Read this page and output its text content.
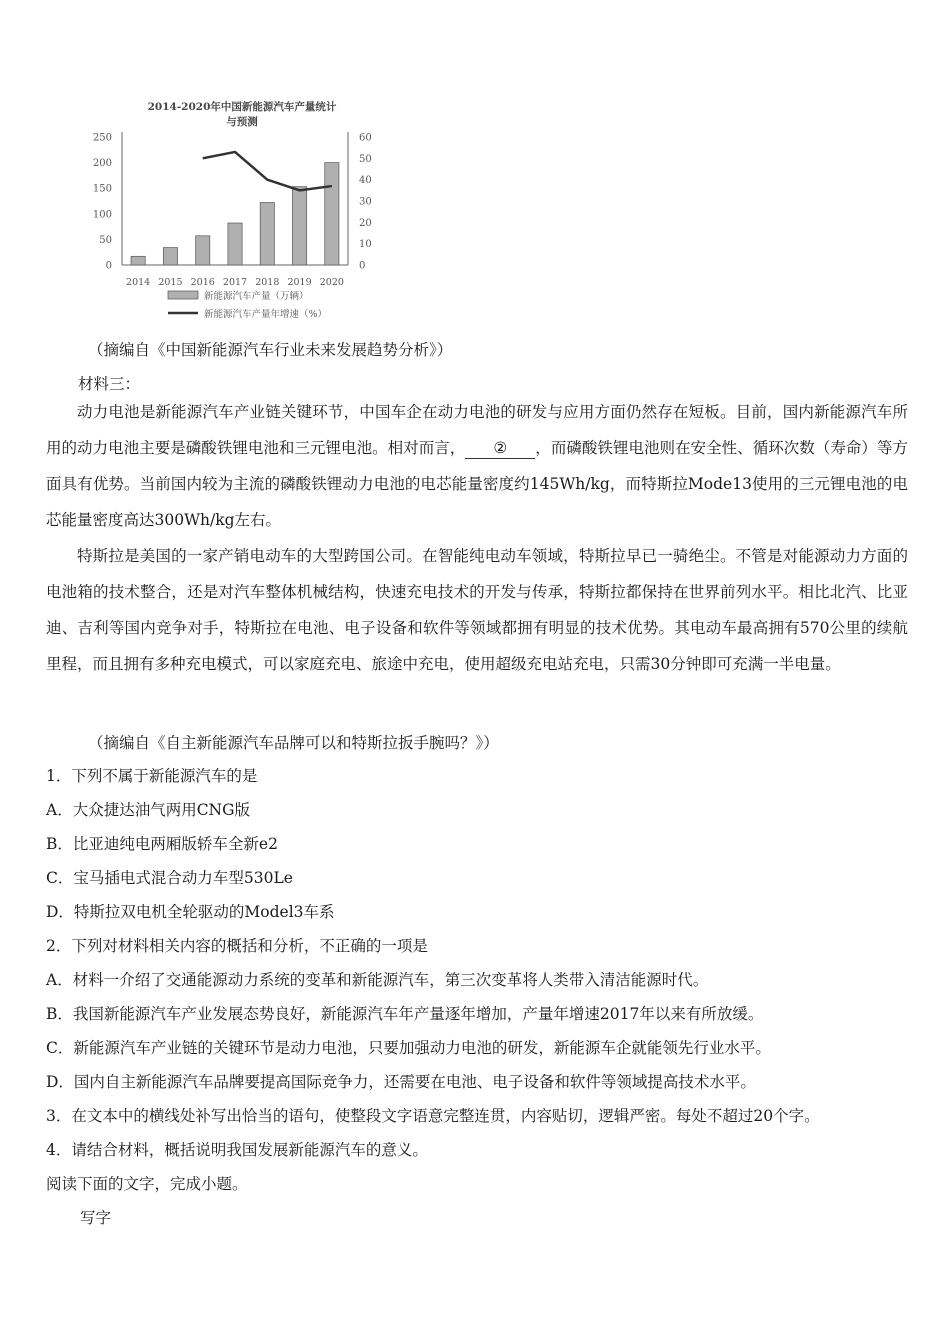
2014-2020年中国新能源汽车产量统计
与预测
0
50
100
150
200
250
0
10
20
30
40
50
60
2014 2015 2016 2017 2018 2019 2020
新能源汽车产量（万辆）
新能源汽车产量年增速（%）
（摘编自《中国新能源汽车行业未来发展趋势分析》）
材料三：
动力电池是新能源汽车产业链关键环节，中国车企在动力电池的研发与应用方面仍然存在短板。目前，国内新能源汽车所用的动力电池主要是磷酸铁锂电池和三元锂电池。相对而言， ② ，而磷酸铁锂电池则在安全性、循环次数（寿命）等方面具有优势。当前国内较为主流的磷酸铁锂动力电池的电芯能量密度约145Wh/kg，而特斯拉Mode13使用的三元锂电池的电芯能量密度高达300Wh/kg左右。
特斯拉是美国的一家产销电动车的大型跨国公司。在智能纯电动车领域，特斯拉早已一骑绝尘。不管是对能源动力方面的电池箱的技术整合，还是对汽车整体机械结构，快速充电技术的开发与传承，特斯拉都保持在世界前列水平。相比北汽、比亚迪、吉利等国内竞争对手，特斯拉在电池、电子设备和软件等领域都拥有明显的技术优势。其电动车最高拥有570公里的续航里程，而且拥有多种充电模式，可以家庭充电、旅途中充电，使用超级充电站充电，只需30分钟即可充满一半电量。
（摘编自《自主新能源汽车品牌可以和特斯拉扳手腕吗？》）
1．下列不属于新能源汽车的是
A．大众捷达油气两用CNG版
B．比亚迪纯电两厢版轿车全新e2
C．宝马插电式混合动力车型530Le
D．特斯拉双电机全轮驱动的Model3车系
2．下列对材料相关内容的概括和分析，不正确的一项是
A．材料一介绍了交通能源动力系统的变革和新能源汽车，第三次变革将人类带入清洁能源时代。
B．我国新能源汽车产业发展态势良好，新能源汽车年产量逐年增加，产量年增速2017年以来有所放缓。
C．新能源汽车产业链的关键环节是动力电池，只要加强动力电池的研发，新能源车企就能领先行业水平。
D．国内自主新能源汽车品牌要提高国际竞争力，还需要在电池、电子设备和软件等领域提高技术水平。
3．在文本中的横线处补写出恰当的语句，使整段文字语意完整连贯，内容贴切，逻辑严密。每处不超过20个字。
4．请结合材料，概括说明我国发展新能源汽车的意义。
阅读下面的文字，完成小题。
写字
